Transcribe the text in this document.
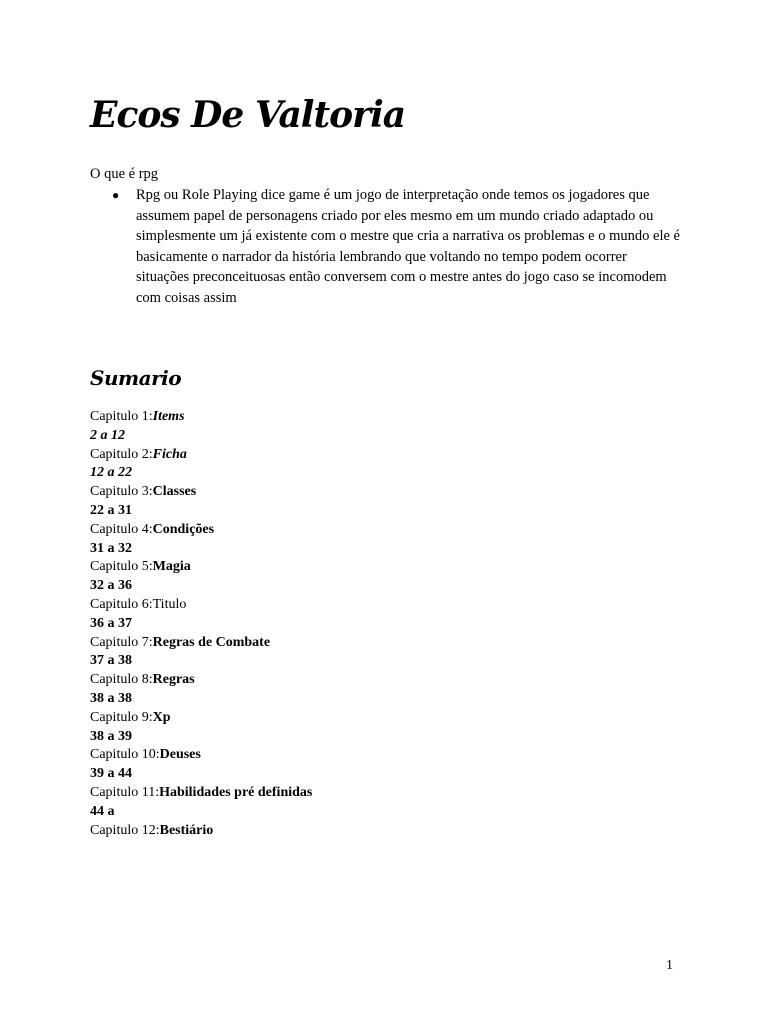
Ecos De Valtoria
O que é rpg
● Rpg ou Role Playing dice game é um jogo de interpretação onde temos os jogadores que assumem papel de personagens criado por eles mesmo em um mundo criado adaptado ou simplesmente um já existente com o mestre que cria a narrativa os problemas e o mundo ele é basicamente o narrador da história lembrando que voltando no tempo podem ocorrer situações preconceituosas então conversem com o mestre antes do jogo caso se incomodem com coisas assim
Sumario
Capitulo 1:Items
2 a 12
Capitulo 2:Ficha
12 a 22
Capitulo 3:Classes
22 a 31
Capitulo 4:Condições
31 a 32
Capitulo 5:Magia
32 a 36
Capitulo 6:Titulo
36 a 37
Capitulo 7:Regras de Combate
37 a 38
Capitulo 8:Regras
38 a 38
Capitulo 9:Xp
38 a 39
Capitulo 10:Deuses
39 a 44
Capitulo 11:Habilidades pré definidas
44 a
Capitulo 12:Bestiário
1
